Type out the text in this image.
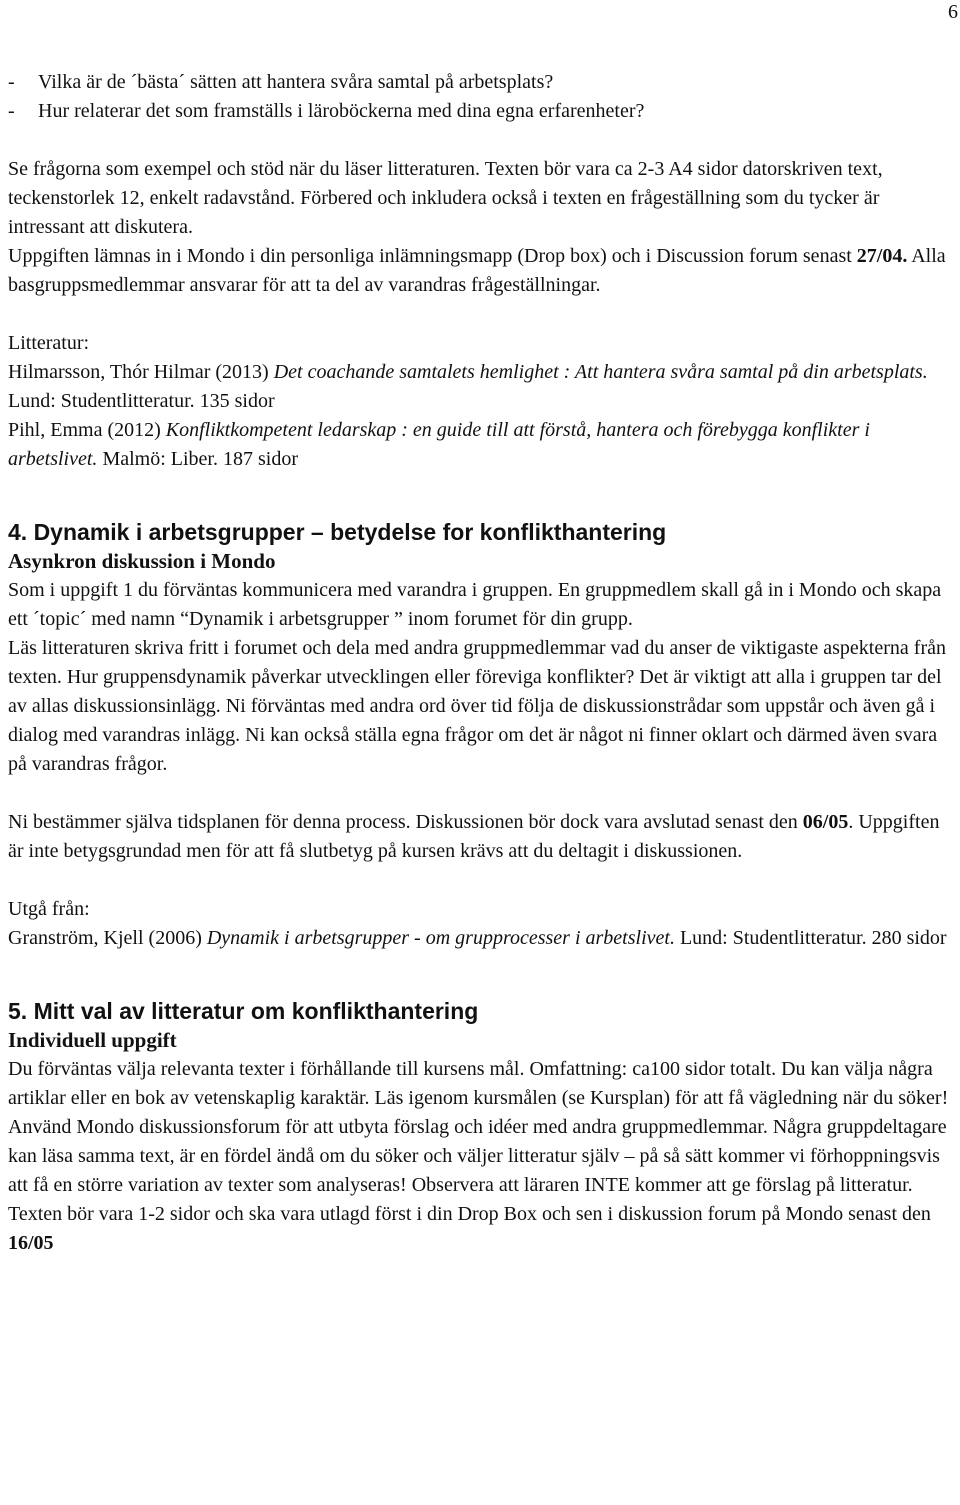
6
- Vilka är de ´bästa´ sätten att hantera svåra samtal på arbetsplats?
- Hur relaterar det som framställs i läroböckerna med dina egna erfarenheter?

Se frågorna som exempel och stöd när du läser litteraturen. Texten bör vara ca 2-3 A4 sidor datorskriven text, teckenstorlek 12, enkelt radavstånd. Förbered och inkludera också i texten en frågeställning som du tycker är intressant att diskutera.

Uppgiften lämnas in i Mondo i din personliga inlämningsmapp (Drop box) och i Discussion forum senast 27/04. Alla basgruppsmedlemmar ansvarar för att ta del av varandras frågeställningar.

Litteratur:

Hilmarsson, Thór Hilmar (2013) Det coachande samtalets hemlighet : Att hantera svåra samtal på din arbetsplats. Lund: Studentlitteratur. 135 sidor

Pihl, Emma (2012) Konfliktkompetent ledarskap : en guide till att förstå, hantera och förebygga konflikter i arbetslivet. Malmö: Liber. 187 sidor

4. Dynamik i arbetsgrupper – betydelse for konflikthantering
Asynkron diskussion i Mondo

Som i uppgift 1 du förväntas kommunicera med varandra i gruppen. En gruppmedlem skall gå in i Mondo och skapa ett ´topic´ med namn “Dynamik i arbetsgrupper ” inom forumet för din grupp.

Läs litteraturen skriva fritt i forumet och dela med andra gruppmedlemmar vad du anser de viktigaste aspekterna från texten. Hur gruppensdynamik påverkar utvecklingen eller föreviga konflikter? Det är viktigt att alla i gruppen tar del av allas diskussionsinlägg. Ni förväntas med andra ord över tid följa de diskussionstrådar som uppstår och även gå i dialog med varandras inlägg. Ni kan också ställa egna frågor om det är något ni finner oklart och därmed även svara på varandras frågor.

Ni bestämmer själva tidsplanen för denna process. Diskussionen bör dock vara avslutad senast den 06/05. Uppgiften är inte betygsgrundad men för att få slutbetyg på kursen krävs att du deltagit i diskussionen.

Utgå från:

Granström, Kjell (2006) Dynamik i arbetsgrupper - om grupprocesser i arbetslivet. Lund: Studentlitteratur. 280 sidor

5. Mitt val av litteratur om konflikthantering
Individuell uppgift

Du förväntas välja relevanta texter i förhållande till kursens mål. Omfattning: ca100 sidor totalt. Du kan välja några artiklar eller en bok av vetenskaplig karaktär. Läs igenom kursmålen (se Kursplan) för att få vägledning när du söker! Använd Mondo diskussionsforum för att utbyta förslag och idéer med andra gruppmedlemmar. Några gruppdeltagare kan läsa samma text, är en fördel ändå om du söker och väljer litteratur själv – på så sätt kommer vi förhoppningsvis att få en större variation av texter som analyseras! Observera att läraren INTE kommer att ge förslag på litteratur.

Texten bör vara 1-2 sidor och ska vara utlagd först i din Drop Box och sen i diskussion forum på Mondo senast den 16/05
